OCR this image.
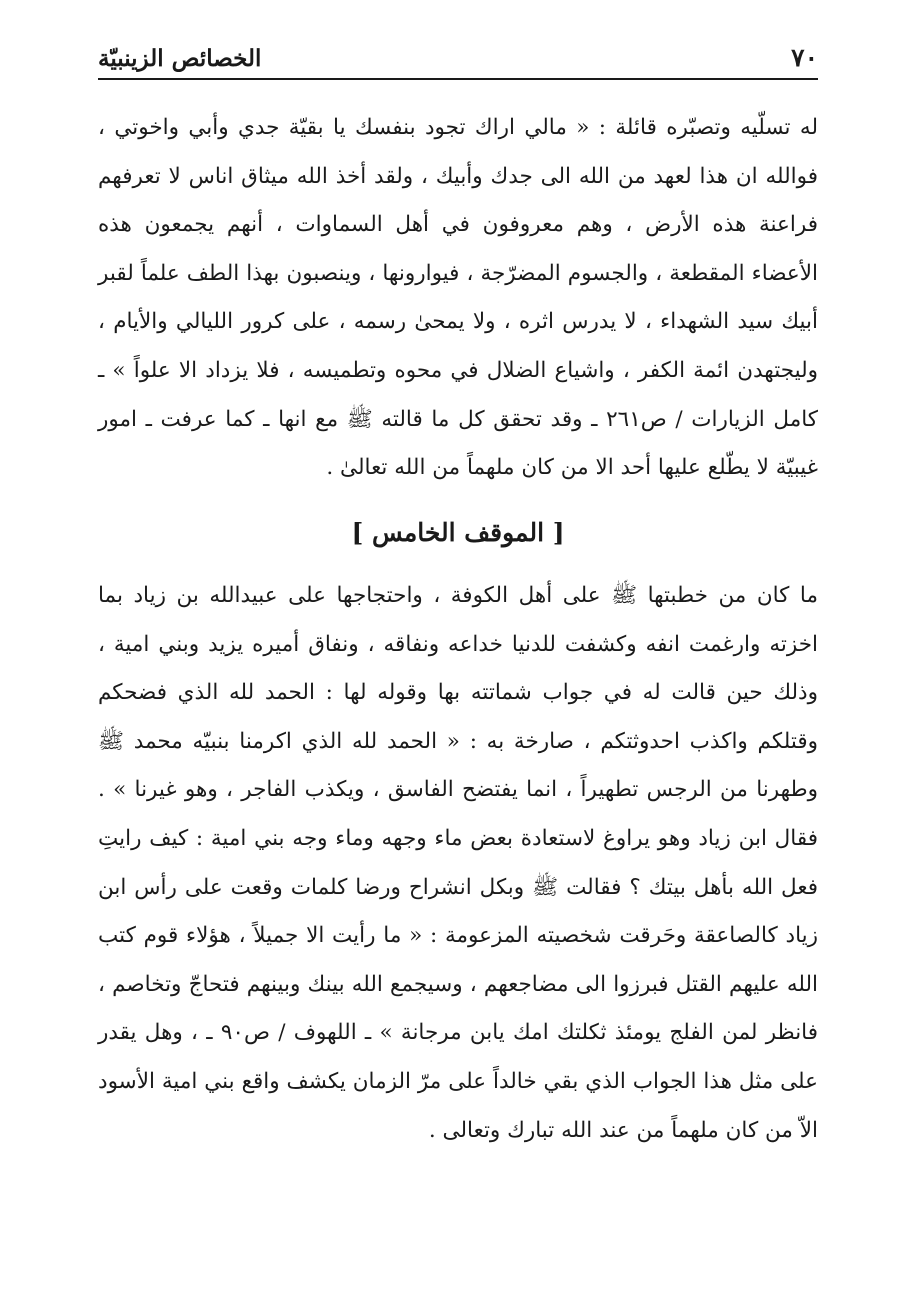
٧٠
الخصائص الزينبيّة

له تسلّيه وتصبّره قائلة : « مالي اراك تجود بنفسك يا بقيّة جدي وأبي واخوتي ، فوالله ان هذا لعهد من الله الى جدك وأبيك ، ولقد أخذ الله ميثاق اناس لا تعرفهم فراعنة هذه الأرض ، وهم معروفون في أهل السماوات ، أنهم يجمعون هذه الأعضاء المقطعة ، والجسوم المضرّجة ، فيوارونها ، وينصبون بهذا الطف علماً لقبر أبيك سيد الشهداء ، لا يدرس اثره ، ولا يمحىٰ رسمه ، على كرور الليالي والأيام ، وليجتهدن ائمة الكفر ، واشياع الضلال في محوه وتطميسه ، فلا يزداد الا علواً » ـ كامل الزيارات / ص٢٦١ ـ وقد تحقق كل ما قالته ﷺ مع انها ـ كما عرفت ـ امور غيبيّة لا يطّلع عليها أحد الا من كان ملهماً من الله تعالىٰ .

[ الموقف الخامس ]

ما كان من خطبتها ﷺ على أهل الكوفة ، واحتجاجها على عبيدالله بن زياد بما اخزته وارغمت انفه وكشفت للدنيا خداعه ونفاقه ، ونفاق أميره يزيد وبني امية ، وذلك حين قالت له في جواب شماتته بها وقوله لها : الحمد لله الذي فضحكم وقتلكم واكذب احدوثتكم ، صارخة به : « الحمد لله الذي اكرمنا بنبيّه محمد ﷺ وطهرنا من الرجس تطهيراً ، انما يفتضح الفاسق ، ويكذب الفاجر ، وهو غيرنا » . فقال ابن زياد وهو يراوغ لاستعادة بعض ماء وجهه وماء وجه بني امية : كيف رايتِ فعل الله بأهل بيتك ؟ فقالت ﷺ وبكل انشراح ورضا كلمات وقعت على رأس ابن زياد كالصاعقة وحَرقت شخصيته المزعومة : « ما رأيت الا جميلاً ، هؤلاء قوم كتب الله عليهم القتل فبرزوا الى مضاجعهم ، وسيجمع الله بينك وبينهم فتحاجّ وتخاصم ، فانظر لمن الفلج يومئذ ثكلتك امك يابن مرجانة » ـ اللهوف / ص٩٠ ـ ، وهل يقدر على مثل هذا الجواب الذي بقي خالداً على مرّ الزمان يكشف واقع بني امية الأسود الاّ من كان ملهماً من عند الله تبارك وتعالى .
